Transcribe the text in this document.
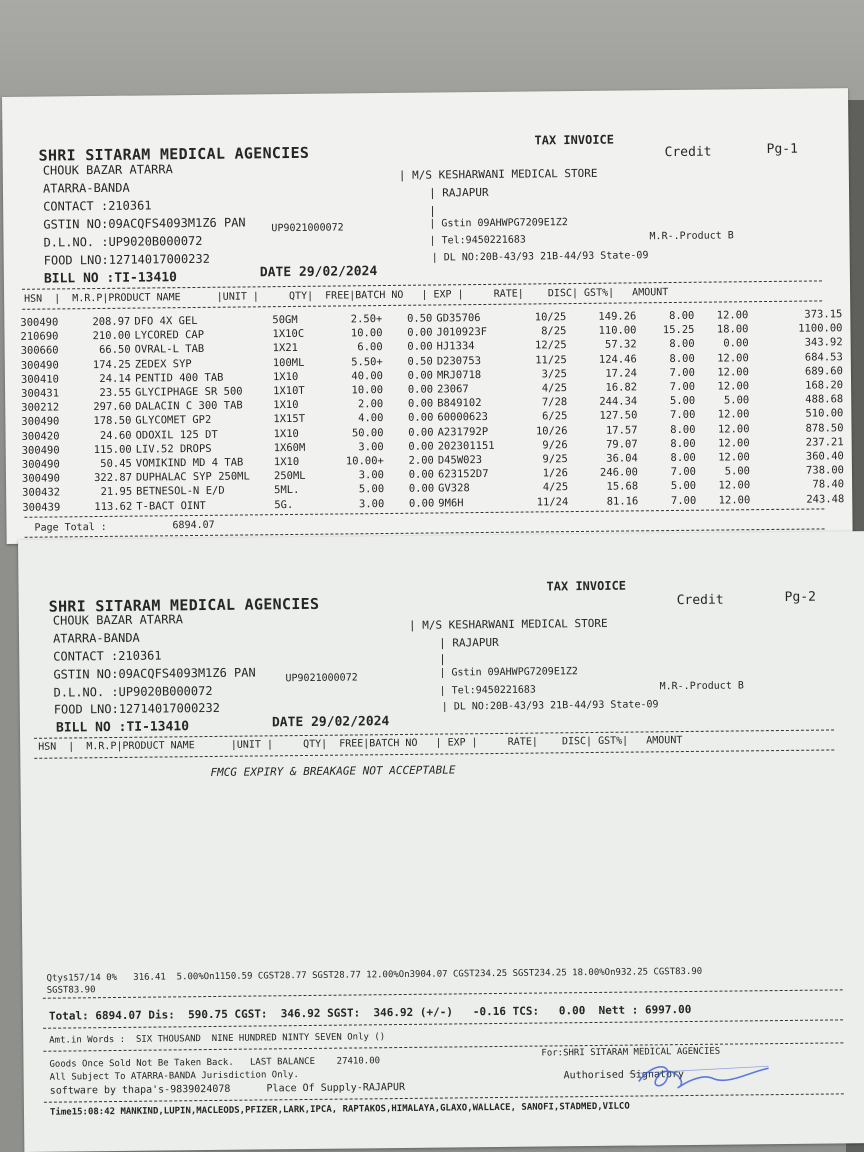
SHRI SITARAM MEDICAL AGENCIES
TAX INVOICE
Credit	Pg-1
CHOUK BAZAR ATARRA
ATARRA-BANDA
CONTACT :210361
GSTIN NO:09ACQFS4093M1Z6 PAN
D.L.NO. :UP9020B000072
UP9021000072
FOOD LNO:12714017000232
BILL NO :TI-13410	DATE 29/02/2024
| M/S KESHARWANI MEDICAL STORE
| RAJAPUR
|
| Gstin 09AHWPG7209E1Z2
| Tel:9450221683	M.R-.Product B
| DL NO:20B-43/93 21B-44/93 State-09
HSN  |  M.R.P|PRODUCT NAME      |UNIT |     QTY|  FREE|BATCH NO   | EXP |     RATE|    DISC| GST%|   AMOUNT
300490	208.97 DFO 4X GEL	50GM	2.50+	0.50 GD35706	10/25	149.26	8.00	12.00	373.15
210690	210.00 LYCORED CAP	1X10C	10.00	0.00 J010923F	8/25	110.00	15.25	18.00	1100.00
300660	66.50 OVRAL-L TAB	1X21	6.00	0.00 HJ1334	12/25	57.32	8.00	0.00	343.92
300490	174.25 ZEDEX SYP	100ML	5.50+	0.50 D230753	11/25	124.46	8.00	12.00	684.53
300410	24.14 PENTID 400 TAB	1X10	40.00	0.00 MRJ0718	3/25	17.24	7.00	12.00	689.60
300431	23.55 GLYCIPHAGE SR 500	1X10T	10.00	0.00 23067	4/25	16.82	7.00	12.00	168.20
300212	297.60 DALACIN C 300 TAB	1X10	2.00	0.00 B849102	7/28	244.34	5.00	5.00	488.68
300490	178.50 GLYCOMET GP2	1X15T	4.00	0.00 60000623	6/25	127.50	7.00	12.00	510.00
300420	24.60 ODOXIL 125 DT	1X10	50.00	0.00 A231792P	10/26	17.57	8.00	12.00	878.50
300490	115.00 LIV.52 DROPS	1X60M	3.00	0.00 202301151	9/26	79.07	8.00	12.00	237.21
300490	50.45 VOMIKIND MD 4 TAB	1X10	10.00+	2.00 D45W023	9/25	36.04	8.00	12.00	360.40
300490	322.87 DUPHALAC SYP 250ML 250ML	3.00	0.00 623152D7	1/26	246.00	7.00	5.00	738.00
300432	21.95 BETNESOL-N E/D	5ML.	5.00	0.00 GV328	4/25	15.68	5.00	12.00	78.40
300439	113.62 T-BACT OINT	5G.	3.00	0.00 9M6H	11/24	81.16	7.00	12.00	243.48
Page Total :	6894.07
SHRI SITARAM MEDICAL AGENCIES
TAX INVOICE
Credit	Pg-2
CHOUK BAZAR ATARRA
ATARRA-BANDA
CONTACT :210361
GSTIN NO:09ACQFS4093M1Z6 PAN
D.L.NO. :UP9020B000072
UP9021000072
FOOD LNO:12714017000232
BILL NO :TI-13410	DATE 29/02/2024
| M/S KESHARWANI MEDICAL STORE
| RAJAPUR
|
| Gstin 09AHWPG7209E1Z2
| Tel:9450221683	M.R-.Product B
| DL NO:20B-43/93 21B-44/93 State-09
HSN  |  M.R.P|PRODUCT NAME      |UNIT |     QTY|  FREE|BATCH NO   | EXP |     RATE|    DISC| GST%|   AMOUNT
FMCG EXPIRY & BREAKAGE NOT ACCEPTABLE
Qtys157/14 0%   316.41  5.00%On1150.59 CGST28.77 SGST28.77 12.00%On3904.07 CGST234.25 SGST234.25 18.00%On932.25 CGST83.90
SGST83.90
Total: 6894.07 Dis:  590.75 CGST:  346.92 SGST:  346.92 (+/-)   -0.16 TCS:   0.00  Nett : 6997.00
Amt.in Words :  SIX THOUSAND  NINE HUNDRED NINTY SEVEN Only ()
Goods Once Sold Not Be Taken Back.   LAST BALANCE    27410.00
For:SHRI SITARAM MEDICAL AGENCIES
All Subject To ATARRA-BANDA Jurisdiction Only.	Authorised Signatory
software by thapa's-9839024078      Place Of Supply-RAJAPUR
Time15:08:42 MANKIND,LUPIN,MACLEODS,PFIZER,LARK,IPCA, RAPTAKOS,HIMALAYA,GLAXO,WALLACE, SANOFI,STADMED,VILCO
